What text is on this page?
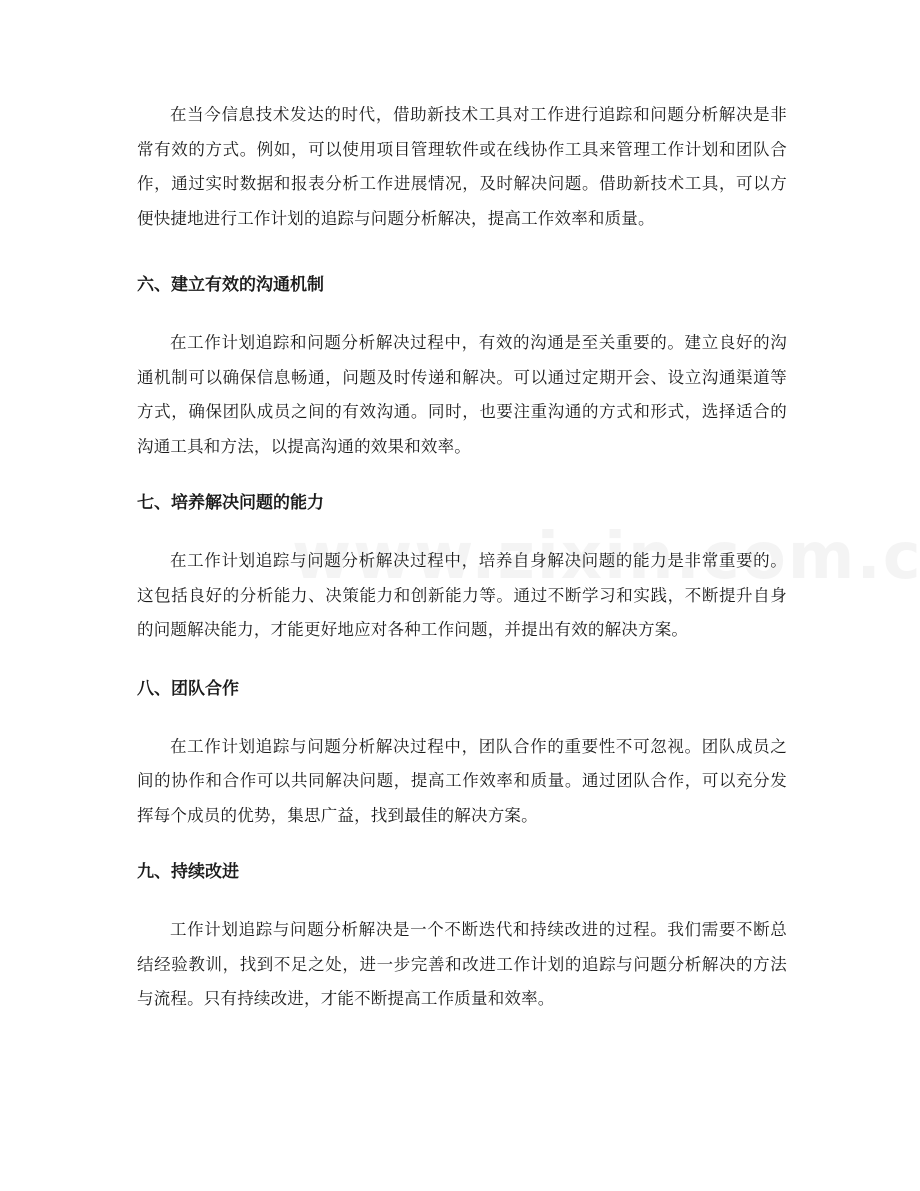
在当今信息技术发达的时代，借助新技术工具对工作进行追踪和问题分析解决是非常有效的方式。例如，可以使用项目管理软件或在线协作工具来管理工作计划和团队合作，通过实时数据和报表分析工作进展情况，及时解决问题。借助新技术工具，可以方便快捷地进行工作计划的追踪与问题分析解决，提高工作效率和质量。

六、建立有效的沟通机制

在工作计划追踪和问题分析解决过程中，有效的沟通是至关重要的。建立良好的沟通机制可以确保信息畅通，问题及时传递和解决。可以通过定期开会、设立沟通渠道等方式，确保团队成员之间的有效沟通。同时，也要注重沟通的方式和形式，选择适合的沟通工具和方法，以提高沟通的效果和效率。

七、培养解决问题的能力

在工作计划追踪与问题分析解决过程中，培养自身解决问题的能力是非常重要的。这包括良好的分析能力、决策能力和创新能力等。通过不断学习和实践，不断提升自身的问题解决能力，才能更好地应对各种工作问题，并提出有效的解决方案。

八、团队合作

在工作计划追踪与问题分析解决过程中，团队合作的重要性不可忽视。团队成员之间的协作和合作可以共同解决问题，提高工作效率和质量。通过团队合作，可以充分发挥每个成员的优势，集思广益，找到最佳的解决方案。

九、持续改进

工作计划追踪与问题分析解决是一个不断迭代和持续改进的过程。我们需要不断总结经验教训，找到不足之处，进一步完善和改进工作计划的追踪与问题分析解决的方法与流程。只有持续改进，才能不断提高工作质量和效率。
